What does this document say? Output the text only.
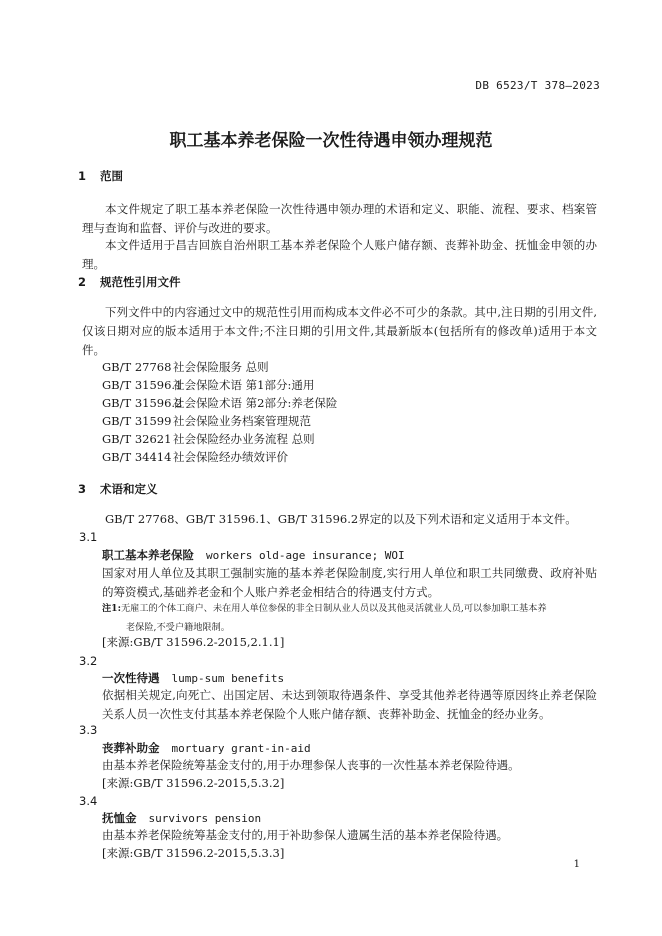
DB 6523/T 378—2023
职工基本养老保险一次性待遇申领办理规范
1 范围

本文件规定了职工基本养老保险一次性待遇申领办理的术语和定义、职能、流程、要求、档案管理与查询和监督、评价与改进的要求。

本文件适用于昌吉回族自治州职工基本养老保险个人账户储存额、丧葬补助金、抚恤金申领的办理。

2 规范性引用文件

下列文件中的内容通过文中的规范性引用而构成本文件必不可少的条款。其中,注日期的引用文件,仅该日期对应的版本适用于本文件;不注日期的引用文件,其最新版本(包括所有的修改单)适用于本文件。

GB/T 27768 社会保险服务 总则
GB/T 31596.1社会保险术语 第1部分:通用
GB/T 31596.2社会保险术语 第2部分:养老保险
GB/T 31599 社会保险业务档案管理规范
GB/T 32621 社会保险经办业务流程 总则
GB/T 34414 社会保险经办绩效评价
3 术语和定义

GB/T 27768、GB/T 31596.1、GB/T 31596.2界定的以及下列术语和定义适用于本文件。

3.1
职工基本养老保险 workers old-age insurance; WOI

国家对用人单位及其职工强制实施的基本养老保险制度,实行用人单位和职工共同缴费、政府补贴的筹资模式,基础养老金和个人账户养老金相结合的待遇支付方式。

注1:无雇工的个体工商户、未在用人单位参保的非全日制从业人员以及其他灵活就业人员,可以参加职工基本养
老保险,不受户籍地限制。

[来源:GB/T 31596.2-2015,2.1.1]
3.2
一次性待遇 lump-sum benefits

依据相关规定,向死亡、出国定居、未达到领取待遇条件、享受其他养老待遇等原因终止养老保险关系人员一次性支付其基本养老保险个人账户储存额、丧葬补助金、抚恤金的经办业务。

3.3
丧葬补助金 mortuary grant-in-aid

由基本养老保险统筹基金支付的,用于办理参保人丧事的一次性基本养老保险待遇。

[来源:GB/T 31596.2-2015,5.3.2]
3.4
抚恤金 survivors pension

由基本养老保险统筹基金支付的,用于补助参保人遗属生活的基本养老保险待遇。

[来源:GB/T 31596.2-2015,5.3.3]
1
